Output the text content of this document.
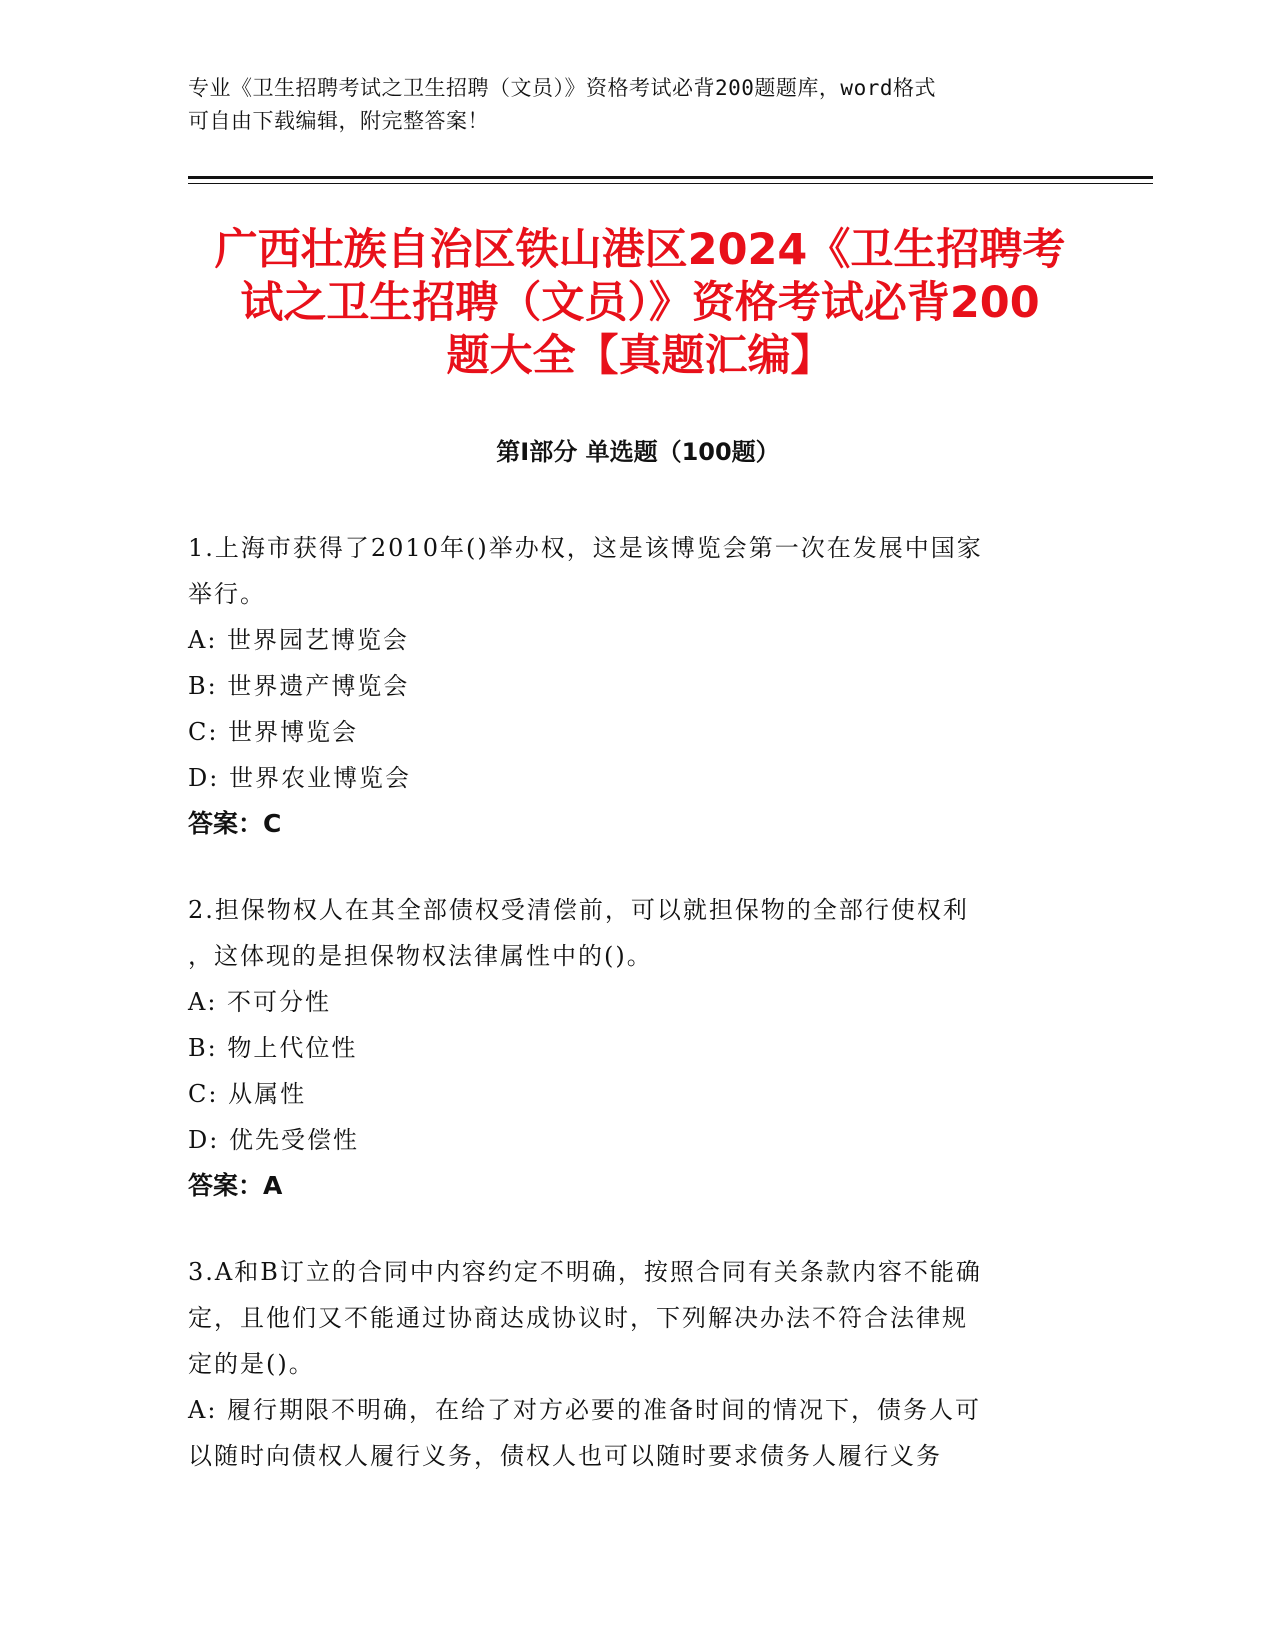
专业《卫生招聘考试之卫生招聘（文员）》资格考试必背200题题库，word格式
可自由下载编辑，附完整答案！
广西壮族自治区铁山港区2024《卫生招聘考
试之卫生招聘（文员）》资格考试必背200
题大全【真题汇编】
第Ⅰ部分 单选题（100题）
1.上海市获得了2010年()举办权，这是该博览会第一次在发展中国家
举行。
A: 世界园艺博览会
B: 世界遗产博览会
C: 世界博览会
D: 世界农业博览会
答案：C
2.担保物权人在其全部债权受清偿前，可以就担保物的全部行使权利
，这体现的是担保物权法律属性中的()。
A: 不可分性
B: 物上代位性
C: 从属性
D: 优先受偿性
答案：A
3.A和B订立的合同中内容约定不明确，按照合同有关条款内容不能确
定，且他们又不能通过协商达成协议时，下列解决办法不符合法律规
定的是()。
A: 履行期限不明确，在给了对方必要的准备时间的情况下，债务人可
以随时向债权人履行义务，债权人也可以随时要求债务人履行义务
